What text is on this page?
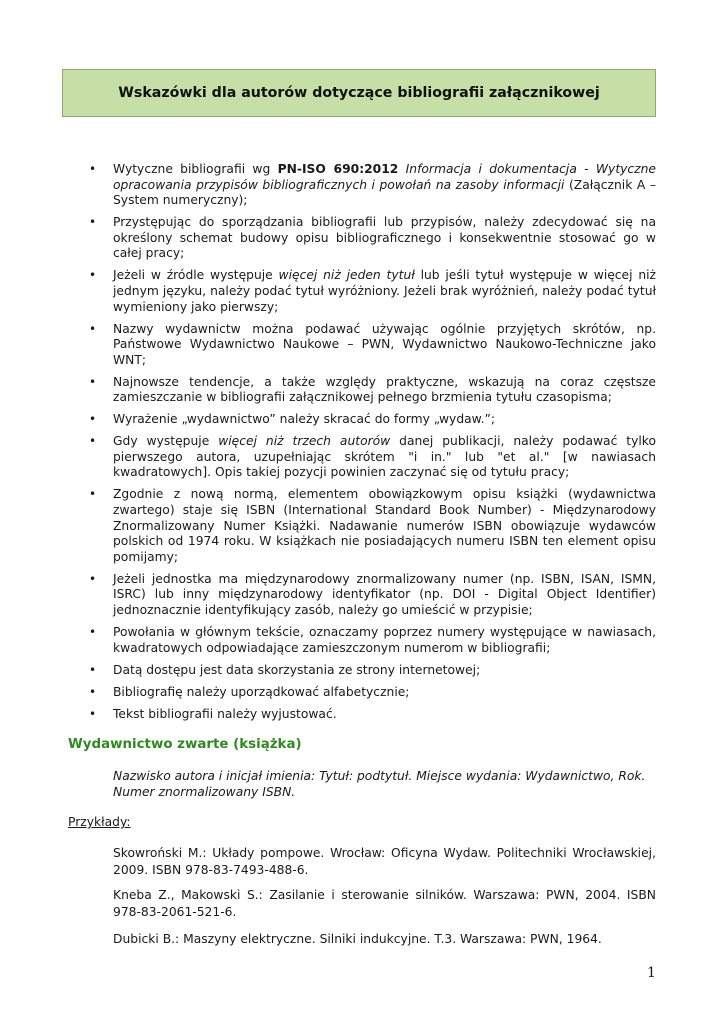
Wskazówki dla autorów dotyczące bibliografii załącznikowej
• Wytyczne bibliografii wg PN-ISO 690:2012 Informacja i dokumentacja - Wytyczne opracowania przypisów bibliograficznych i powołań na zasoby informacji (Załącznik A – System numeryczny);
• Przystępując do sporządzania bibliografii lub przypisów, należy zdecydować się na określony schemat budowy opisu bibliograficznego i konsekwentnie stosować go w całej pracy;
• Jeżeli w źródle występuje więcej niż jeden tytuł lub jeśli tytuł występuje w więcej niż jednym języku, należy podać tytuł wyróżniony. Jeżeli brak wyróżnień, należy podać tytuł wymieniony jako pierwszy;
• Nazwy wydawnictw można podawać używając ogólnie przyjętych skrótów, np. Państwowe Wydawnictwo Naukowe – PWN, Wydawnictwo Naukowo-Techniczne jako WNT;
• Najnowsze tendencje, a także względy praktyczne, wskazują na coraz częstsze zamieszczanie w bibliografii załącznikowej pełnego brzmienia tytułu czasopisma;
• Wyrażenie „wydawnictwo” należy skracać do formy „wydaw.”;
• Gdy występuje więcej niż trzech autorów danej publikacji, należy podawać tylko pierwszego autora, uzupełniając skrótem "i in." lub "et al." [w nawiasach kwadratowych]. Opis takiej pozycji powinien zaczynać się od tytułu pracy;
• Zgodnie z nową normą, elementem obowiązkowym opisu książki (wydawnictwa zwartego) staje się ISBN (International Standard Book Number) - Międzynarodowy Znormalizowany Numer Książki. Nadawanie numerów ISBN obowiązuje wydawców polskich od 1974 roku. W książkach nie posiadających numeru ISBN ten element opisu pomijamy;
• Jeżeli jednostka ma międzynarodowy znormalizowany numer (np. ISBN, ISAN, ISMN, ISRC) lub inny międzynarodowy identyfikator (np. DOI - Digital Object Identifier) jednoznacznie identyfikujący zasób, należy go umieścić w przypisie;
• Powołania w głównym tekście, oznaczamy poprzez numery występujące w nawiasach, kwadratowych odpowiadające zamieszczonym numerom w bibliografii;
• Datą dostępu jest data skorzystania ze strony internetowej;
• Bibliografię należy uporządkować alfabetycznie;
• Tekst bibliografii należy wyjustować.
Wydawnictwo zwarte (książka)

Nazwisko autora i inicjał imienia: Tytuł: podtytuł. Miejsce wydania: Wydawnictwo, Rok. Numer znormalizowany ISBN.

Przykłady:

Skowroński M.: Układy pompowe. Wrocław: Oficyna Wydaw. Politechniki Wrocławskiej, 2009. ISBN 978-83-7493-488-6.

Kneba Z., Makowski S.: Zasilanie i sterowanie silników. Warszawa: PWN, 2004. ISBN 978-83-2061-521-6.

Dubicki B.: Maszyny elektryczne. Silniki indukcyjne. T.3. Warszawa: PWN, 1964.

1
